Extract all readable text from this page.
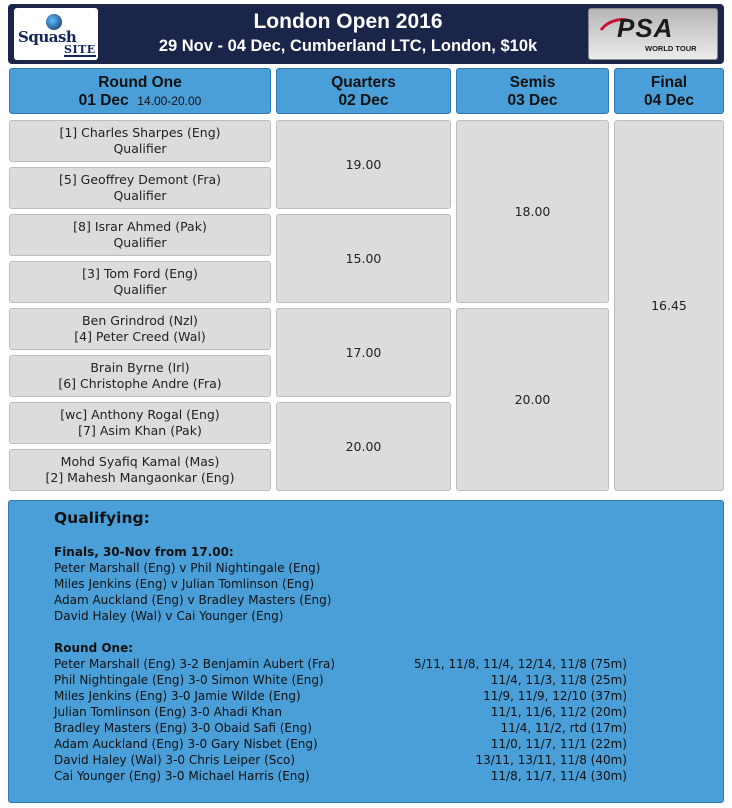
Squash
SITE
London Open 2016
29 Nov - 04 Dec, Cumberland LTC, London, $10k
PSA
WORLD TOUR
Round One
01 Dec 14.00-20.00
Quarters
02 Dec
Semis
03 Dec
Final
04 Dec
[1] Charles Sharpes (Eng)
Qualifier
[5] Geoffrey Demont (Fra)
Qualifier
[8] Israr Ahmed (Pak)
Qualifier
[3] Tom Ford (Eng)
Qualifier
Ben Grindrod (Nzl)
[4] Peter Creed (Wal)
Brain Byrne (Irl)
[6] Christophe Andre (Fra)
[wc] Anthony Rogal (Eng)
[7] Asim Khan (Pak)
Mohd Syafiq Kamal (Mas)
[2] Mahesh Mangaonkar (Eng)
19.00
15.00
17.00
20.00
18.00
20.00
16.45
Qualifying:
Finals, 30-Nov from 17.00:
Peter Marshall (Eng) v Phil Nightingale (Eng)
Miles Jenkins (Eng) v Julian Tomlinson (Eng)
Adam Auckland (Eng) v Bradley Masters (Eng)
David Haley (Wal) v Cai Younger (Eng)
Round One:
Peter Marshall (Eng) 3-2 Benjamin Aubert (Fra)	5/11, 11/8, 11/4, 12/14, 11/8 (75m)
Phil Nightingale (Eng) 3-0 Simon White (Eng)	11/4, 11/3, 11/8 (25m)
Miles Jenkins (Eng) 3-0 Jamie Wilde (Eng)	11/9, 11/9, 12/10 (37m)
Julian Tomlinson (Eng) 3-0 Ahadi Khan	11/1, 11/6, 11/2 (20m)
Bradley Masters (Eng) 3-0 Obaid Safi (Eng)	11/4, 11/2, rtd (17m)
Adam Auckland (Eng) 3-0 Gary Nisbet (Eng)	11/0, 11/7, 11/1 (22m)
David Haley (Wal) 3-0 Chris Leiper (Sco)	13/11, 13/11, 11/8 (40m)
Cai Younger (Eng) 3-0 Michael Harris (Eng)	11/8, 11/7, 11/4 (30m)
